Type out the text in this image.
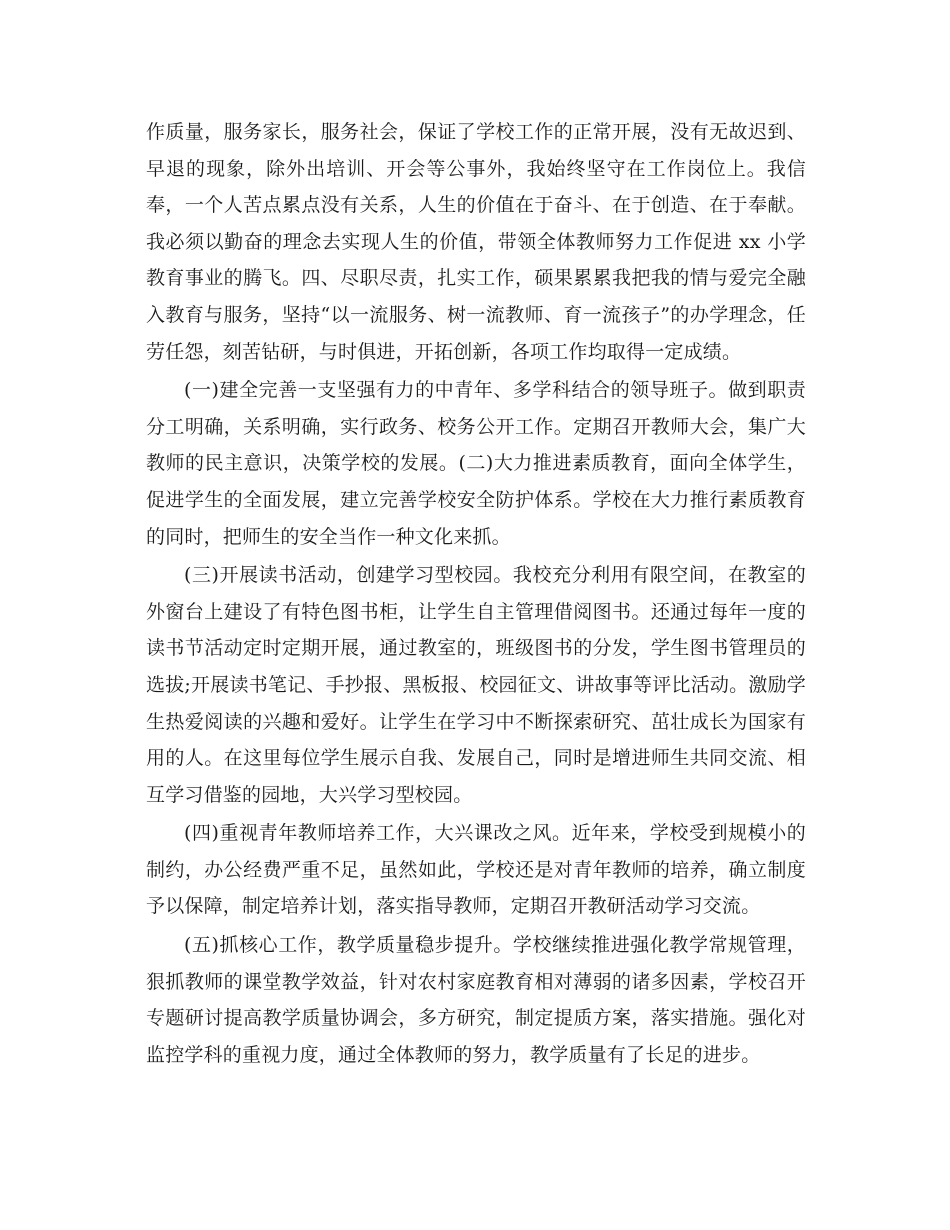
作质量，服务家长，服务社会，保证了学校工作的正常开展，没有无故迟到、早退的现象，除外出培训、开会等公事外，我始终坚守在工作岗位上。我信奉，一个人苦点累点没有关系，人生的价值在于奋斗、在于创造、在于奉献。我必须以勤奋的理念去实现人生的价值，带领全体教师努力工作促进 xx 小学教育事业的腾飞。四、尽职尽责，扎实工作，硕果累累我把我的情与爱完全融入教育与服务，坚持“以一流服务、树一流教师、育一流孩子”的办学理念，任劳任怨，刻苦钻研，与时俱进，开拓创新，各项工作均取得一定成绩。

(一)建全完善一支坚强有力的中青年、多学科结合的领导班子。做到职责分工明确，关系明确，实行政务、校务公开工作。定期召开教师大会，集广大教师的民主意识，决策学校的发展。(二)大力推进素质教育，面向全体学生，促进学生的全面发展，建立完善学校安全防护体系。学校在大力推行素质教育的同时，把师生的安全当作一种文化来抓。

(三)开展读书活动，创建学习型校园。我校充分利用有限空间，在教室的外窗台上建设了有特色图书柜，让学生自主管理借阅图书。还通过每年一度的读书节活动定时定期开展，通过教室的，班级图书的分发，学生图书管理员的选拔;开展读书笔记、手抄报、黑板报、校园征文、讲故事等评比活动。激励学生热爱阅读的兴趣和爱好。让学生在学习中不断探索研究、茁壮成长为国家有用的人。在这里每位学生展示自我、发展自己，同时是增进师生共同交流、相互学习借鉴的园地，大兴学习型校园。

(四)重视青年教师培养工作，大兴课改之风。近年来，学校受到规模小的制约，办公经费严重不足，虽然如此，学校还是对青年教师的培养，确立制度予以保障，制定培养计划，落实指导教师，定期召开教研活动学习交流。

(五)抓核心工作，教学质量稳步提升。学校继续推进强化教学常规管理，狠抓教师的课堂教学效益，针对农村家庭教育相对薄弱的诸多因素，学校召开专题研讨提高教学质量协调会，多方研究，制定提质方案，落实措施。强化对监控学科的重视力度，通过全体教师的努力，教学质量有了长足的进步。
